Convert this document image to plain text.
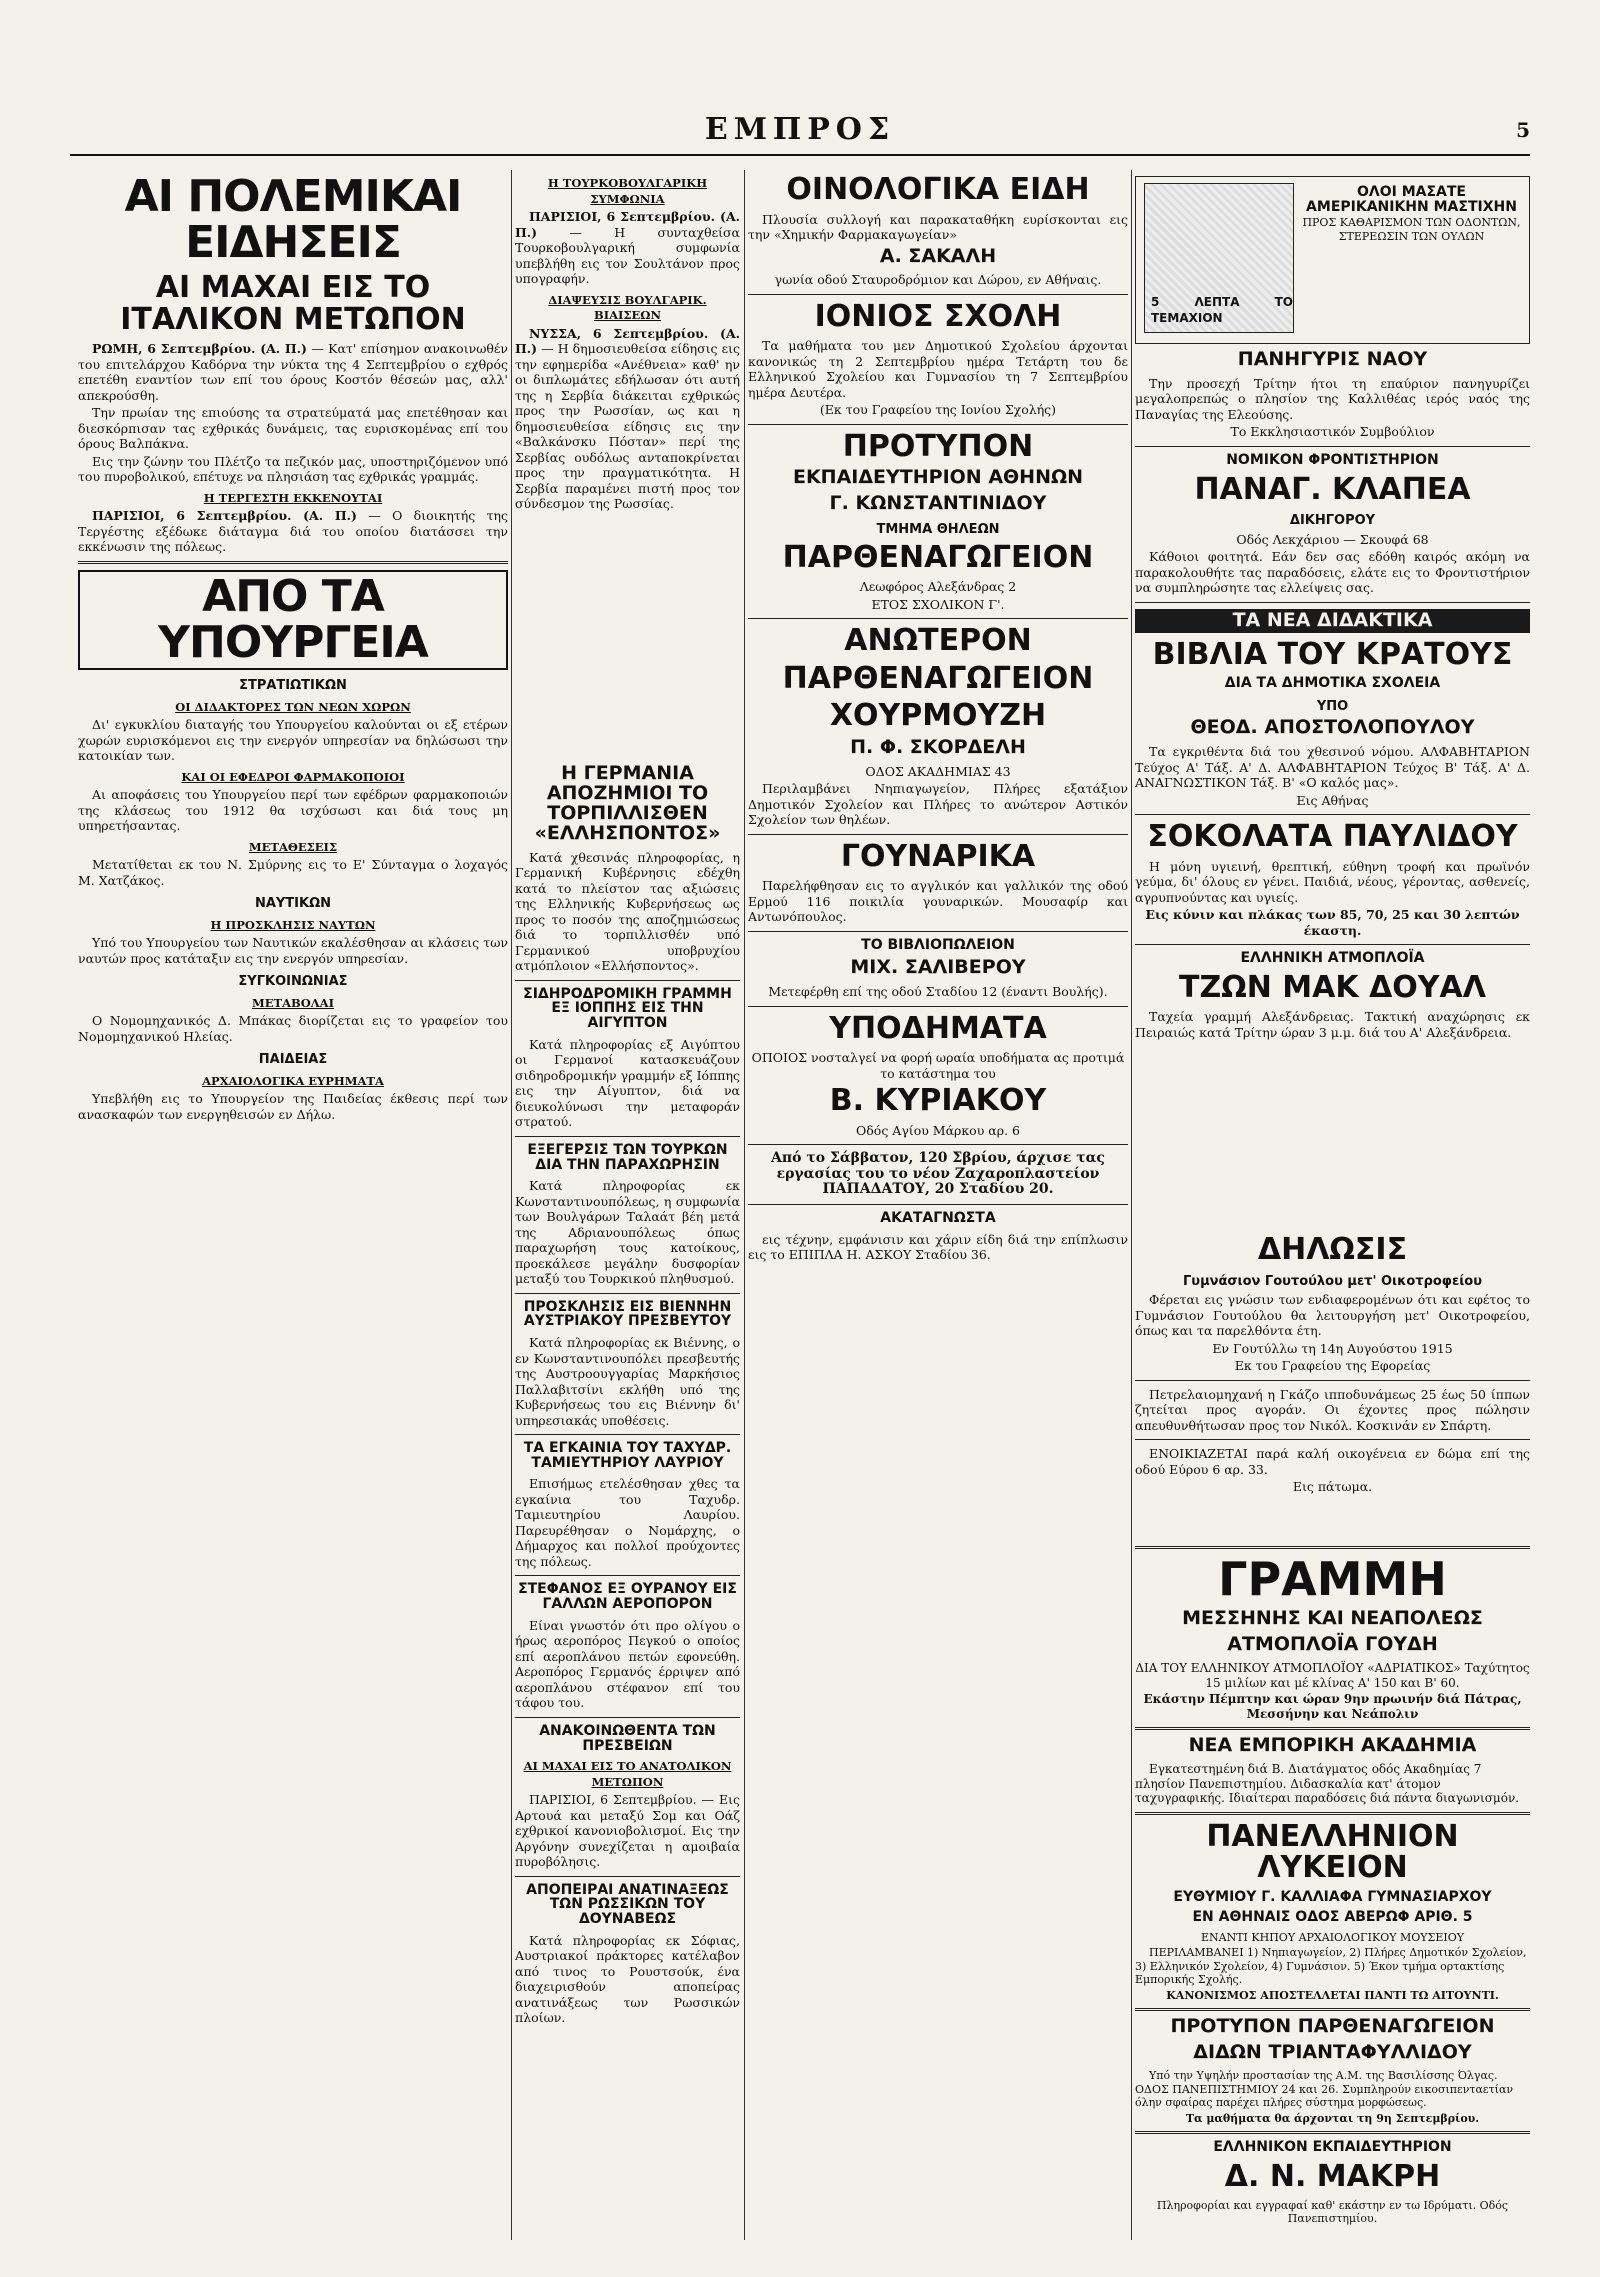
ΕΜΠΡΟΣ	5
ΑΙ ΠΟΛΕΜΙΚΑΙ ΕΙΔΗΣΕΙΣ
ΑΙ ΜΑΧΑΙ ΕΙΣ ΤΟ ΙΤΑΛΙΚΟΝ ΜΕΤΩΠΟΝ

ΡΩΜΗ, 6 Σεπτεμβρίου. (Α. Π.) — Κατ' επίσημον ανακοινωθέν του επιτελάρχου Καδόρνα την νύκτα της 4 Σεπτεμβρίου ο εχθρός επετέθη εναντίον των επί του όρους Κοστόν θέσεών μας, αλλ' απεκρούσθη.

Την πρωίαν της επιούσης τα στρατεύματά μας επετέθησαν και διεσκόρπισαν τας εχθρικάς δυνάμεις, τας ευρισκομένας επί του όρους Βαλπάκνα.

Εις την ζώνην του Πλέτζο τα πεζικόν μας, υποστηριζόμενον υπό του πυροβολικού, επέτυχε να πλησιάση τας εχθρικάς γραμμάς.

Η ΤΕΡΓΕΣΤΗ ΕΚΚΕΝΟΥΤΑΙ

ΠΑΡΙΣΙΟΙ, 6 Σεπτεμβρίου. (Α. Π.) — Ο διοικητής της Τεργέστης εξέδωκε διάταγμα διά του οποίου διατάσσει την εκκένωσιν της πόλεως.

ΑΠΟ ΤΑ ΥΠΟΥΡΓΕΙΑ
ΣΤΡΑΤΙΩΤΙΚΩΝ
ΟΙ ΔΙΔΑΚΤΟΡΕΣ ΤΩΝ ΝΕΩΝ ΧΩΡΩΝ

Δι' εγκυκλίου διαταγής του Υπουργείου καλούνται οι εξ ετέρων χωρών ευρισκόμενοι εις την ενεργόν υπηρεσίαν να δηλώσωσι την κατοικίαν των.

ΚΑΙ ΟΙ ΕΦΕΔΡΟΙ ΦΑΡΜΑΚΟΠΟΙΟΙ

Αι αποφάσεις του Υπουργείου περί των εφέδρων φαρμακοποιών της κλάσεως του 1912 θα ισχύσωσι και διά τους μη υπηρετήσαντας.

ΜΕΤΑΘΕΣΕΙΣ

Μετατίθεται εκ του Ν. Σμύρνης εις το Ε' Σύνταγμα ο λοχαγός Μ. Χατζάκος.

ΝΑΥΤΙΚΩΝ
Η ΠΡΟΣΚΛΗΣΙΣ ΝΑΥΤΩΝ

Υπό του Υπουργείου των Ναυτικών εκαλέσθησαν αι κλάσεις των ναυτών προς κατάταξιν εις την ενεργόν υπηρεσίαν.

ΣΥΓΚΟΙΝΩΝΙΑΣ
ΜΕΤΑΒΟΛΑΙ

Ο Νομομηχανικός Δ. Μπάκας διορίζεται εις το γραφείον του Νομομηχανικού Ηλείας.

ΠΑΙΔΕΙΑΣ
ΑΡΧΑΙΟΛΟΓΙΚΑ ΕΥΡΗΜΑΤΑ

Υπεβλήθη εις το Υπουργείον της Παιδείας έκθεσις περί των ανασκαφών των ενεργηθεισών εν Δήλω.

Η ΤΟΥΡΚΟΒΟΥΛΓΑΡΙΚΗ ΣΥΜΦΩΝΙΑ

ΠΑΡΙΣΙΟΙ, 6 Σεπτεμβρίου. (Α. Π.)	— Η συνταχθείσα Τουρκοβουλγαρική συμφωνία υπεβλήθη εις τον Σουλτάνον προς υπογραφήν.

ΔΙΑΨΕΥΣΙΣ ΒΟΥΛΓΑΡΙΚ. ΒΙΑΙΣΕΩΝ

ΝΥΣΣΑ, 6 Σεπτεμβρίου. (Α. Π.) — Η δημοσιευθείσα είδησις εις την εφημερίδα «Ανέθνεια» καθ' ην οι διπλωμάτες εδήλωσαν ότι αυτή της η Σερβία διάκειται εχθρικώς προς την Ρωσσίαν, ως και η δημοσιευθείσα είδησις εις την «Βαλκάνσκυ Πόσταν» περί της Σερβίας ουδόλως ανταποκρίνεται προς την πραγματικότητα. Η Σερβία παραμένει πιστή προς τον σύνδεσμον της Ρωσσίας.

Η ΓΕΡΜΑΝΙΑ ΑΠΟΖΗΜΙΟΙ ΤΟ ΤΟΡΠΙΛΛΙΣΘΕΝ «ΕΛΛΗΣΠΟΝΤΟΣ»

Κατά χθεσινάς πληροφορίας, η Γερμανική Κυβέρνησις εδέχθη κατά το πλείστον τας αξιώσεις της Ελληνικής Κυβερνήσεως ως προς το ποσόν της αποζημιώσεως διά το τορπιλλισθέν υπό Γερμανικού υποβρυχίου ατμόπλοιον «Ελλήσποντος».

ΣΙΔΗΡΟΔΡΟΜΙΚΗ ΓΡΑΜΜΗ ΕΞ ΙΟΠΠΗΣ ΕΙΣ ΤΗΝ ΑΙΓΥΠΤΟΝ

Κατά πληροφορίας εξ Αιγύπτου οι Γερμανοί κατασκευάζουν σιδηροδρομικήν γραμμήν εξ Ιόππης εις την Αίγυπτον, διά να διευκολύνωσι την μεταφοράν στρατού.

ΕΞΕΓΕΡΣΙΣ ΤΩΝ ΤΟΥΡΚΩΝ ΔΙΑ ΤΗΝ ΠΑΡΑΧΩΡΗΣΙΝ

Κατά πληροφορίας εκ Κωνσταντινουπόλεως, η συμφωνία των Βουλγάρων Ταλαάτ βέη μετά της Αδριανουπόλεως όπως παραχωρήση τους κατοίκους, προεκάλεσε μεγάλην δυσφορίαν μεταξύ του Τουρκικού πληθυσμού.

ΠΡΟΣΚΛΗΣΙΣ ΕΙΣ ΒΙΕΝΝΗΝ ΑΥΣΤΡΙΑΚΟΥ ΠΡΕΣΒΕΥΤΟΥ

Κατά πληροφορίας εκ Βιέννης, ο εν Κωνσταντινουπόλει πρεσβευτής της Αυστροουγγαρίας Μαρκήσιος Παλλαβιτσίνι εκλήθη υπό της Κυβερνήσεως του εις Βιέννην δι' υπηρεσιακάς υποθέσεις.

ΤΑ ΕΓΚΑΙΝΙΑ ΤΟΥ ΤΑΧΥΔΡ. ΤΑΜΙΕΥΤΗΡΙΟΥ ΛΑΥΡΙΟΥ

Επισήμως ετελέσθησαν χθες τα εγκαίνια του Ταχυδρ. Ταμιευτηρίου Λαυρίου. Παρευρέθησαν ο Νομάρχης, ο Δήμαρχος και πολλοί προύχοντες της πόλεως.

ΣΤΕΦΑΝΟΣ ΕΞ ΟΥΡΑΝΟΥ ΕΙΣ ΓΑΛΛΩΝ ΑΕΡΟΠΟΡΟΝ

Είναι γνωστόν ότι προ ολίγου ο ήρως αεροπόρος Πεγκού ο οποίος επί αεροπλάνου πετών εφονεύθη. Αεροπόρος Γερμανός έρριψεν από αεροπλάνου στέφανον επί του τάφου του.

ΑΝΑΚΟΙΝΩΘΕΝΤΑ ΤΩΝ ΠΡΕΣΒΕΙΩΝ
ΑΙ ΜΑΧΑΙ ΕΙΣ ΤΟ ΑΝΑΤΟΛΙΚΟΝ ΜΕΤΩΠΟΝ

ΠΑΡΙΣΙΟΙ, 6 Σεπτεμβρίου. — Εις Αρτουά και μεταξύ Σομ και Οάζ εχθρικοί κανονιοβολισμοί. Εις την Αργόνην συνεχίζεται η αμοιβαία πυροβόλησις.

ΑΠΟΠΕΙΡΑΙ ΑΝΑΤΙΝΑΞΕΩΣ ΤΩΝ ΡΩΣΣΙΚΩΝ ΤΟΥ ΔΟΥΝΑΒΕΩΣ

Κατά πληροφορίας εκ Σόφιας, Αυστριακοί πράκτορες κατέλαβον από τινος το Ρουστσούκ, ένα διαχειρισθούν αποπείρας ανατινάξεως των Ρωσσικών πλοίων.

ΟΙΝΟΛΟΓΙΚΑ ΕΙΔΗ

Πλουσία συλλογή και παρακαταθήκη ευρίσκονται εις την «Χημικήν Φαρμακαγωγείαν»

Α. ΣΑΚΑΛΗ

γωνία οδού Σταυροδρόμιον και Δώρου, εν Αθήναις.

ΙΟΝΙΟΣ ΣΧΟΛΗ

Τα μαθήματα του μεν Δημοτικού Σχολείου άρχονται κανονικώς τη 2 Σεπτεμβρίου ημέρα Τετάρτη του δε Ελληνικού Σχολείου και Γυμνασίου τη 7 Σεπτεμβρίου ημέρα Δευτέρα.

(Εκ του Γραφείου της Ιονίου Σχολής)

ΠΡΟΤΥΠΟΝ
ΕΚΠΑΙΔΕΥΤΗΡΙΟΝ ΑΘΗΝΩΝ
Γ. ΚΩΝΣΤΑΝΤΙΝΙΔΟΥ
ΤΜΗΜΑ ΘΗΛΕΩΝ
ΠΑΡΘΕΝΑΓΩΓΕΙΟΝ

Λεωφόρος Αλεξάνδρας 2

ΕΤΟΣ ΣΧΟΛΙΚΟΝ Γ'.

ΑΝΩΤΕΡΟΝ
ΠΑΡΘΕΝΑΓΩΓΕΙΟΝ
ΧΟΥΡΜΟΥΖΗ
Π. Φ. ΣΚΟΡΔΕΛΗ

ΟΔΟΣ ΑΚΑΔΗΜΙΑΣ 43

Περιλαμβάνει Νηπιαγωγείον, Πλήρες εξατάξιον Δημοτικόν Σχολείον και Πλήρες το ανώτερον Αστικόν Σχολείον των θηλέων.

ΓΟΥΝΑΡΙΚΑ

Παρελήφθησαν εις το αγγλικόν και γαλλικόν της οδού Ερμού 116 ποικιλία γουναρικών. Μουσαφίρ και Αντωνόπουλος.

ΤΟ ΒΙΒΛΙΟΠΩΛΕΙΟΝ
ΜΙΧ. ΣΑΛΙΒΕΡΟΥ

Μετεφέρθη επί της οδού Σταδίου 12 (έναντι Βουλής).

ΥΠΟΔΗΜΑΤΑ

ΟΠΟΙΟΣ νοσταλγεί να φορή ωραία υποδήματα ας προτιμά το κατάστημα του

Β. ΚΥΡΙΑΚΟΥ

Οδός Αγίου Μάρκου αρ. 6

Από το Σάββατον, 120 Σβρίου, άρχισε τας εργασίας του το νέον Ζαχαροπλαστείον ΠΑΠΑΔΑΤΟΥ, 20 Σταδίου 20.

ΑΚΑΤΑΓΝΩΣΤΑ

εις τέχνην, εμφάνισιν και χάριν είδη διά την επίπλωσιν εις το ΕΠΙΠΛΑ Η. ΑΣΚΟΥ Σταδίου 36.

5 ΛΕΠΤΑ ΤΟ ΤΕΜΑΧΙΟΝ
ΟΛΟΙ ΜΑΣΑΤΕ ΑΜΕΡΙΚΑΝΙΚΗΝ ΜΑΣΤΙΧΗΝ

ΠΡΟΣ ΚΑΘΑΡΙΣΜΟΝ ΤΩΝ ΟΔΟΝΤΩΝ, ΣΤΕΡΕΩΣΙΝ ΤΩΝ ΟΥΛΩΝ

ΠΑΝΗΓΥΡΙΣ ΝΑΟΥ

Την προσεχή Τρίτην ήτοι τη επαύριον πανηγυρίζει μεγαλοπρεπώς ο πλησίον της Καλλιθέας ιερός ναός της Παναγίας της Ελεούσης.

Το Εκκλησιαστικόν Συμβούλιον

ΝΟΜΙΚΟΝ ΦΡΟΝΤΙΣΤΗΡΙΟΝ
ΠΑΝΑΓ. ΚΛΑΠΕΑ
ΔΙΚΗΓΟΡΟΥ

Οδός Λεκχάριου — Σκουφά 68

Κάθοιοι φοιτητά. Εάν δεν σας εδόθη καιρός ακόμη να παρακολουθήτε τας παραδόσεις, ελάτε εις το Φροντιστήριον να συμπληρώσητε τας ελλείψεις σας.

ΤΑ ΝΕΑ ΔΙΔΑΚΤΙΚΑ
ΒΙΒΛΙΑ ΤΟΥ ΚΡΑΤΟΥΣ
ΔΙΑ ΤΑ ΔΗΜΟΤΙΚΑ ΣΧΟΛΕΙΑ
ΥΠΟ
ΘΕΟΔ. ΑΠΟΣΤΟΛΟΠΟΥΛΟΥ

Τα εγκριθέντα διά του χθεσινού νόμου. ΑΛΦΑΒΗΤΑΡΙΟΝ Τεύχος Α' Τάξ. Α' Δ. ΑΛΦΑΒΗΤΑΡΙΟΝ Τεύχος Β' Τάξ. Α' Δ. ΑΝΑΓΝΩΣΤΙΚΟΝ Τάξ. Β' «Ο καλός μας».

Εις Αθήνας

ΣΟΚΟΛΑΤΑ ΠΑΥΛΙΔΟΥ

Η μόνη υγιεινή, θρεπτική, εύθηνη τροφή και πρωϊνόν γεύμα, δι' όλους εν γένει. Παιδιά, νέους, γέροντας, ασθενείς, αγρυπνούντας και υγιείς.

Εις κύνιν και πλάκας των 85, 70, 25 και 30 λεπτών έκαστη.

ΕΛΛΗΝΙΚΗ ΑΤΜΟΠΛΟΪΑ
ΤΖΩΝ ΜΑΚ ΔΟΥΑΛ

Ταχεία γραμμή Αλεξάνδρειας. Τακτική αναχώρησις εκ Πειραιώς κατά Τρίτην ώραν 3 μ.μ. διά του Α' Αλεξάνδρεια.

ΔΗΛΩΣΙΣ
Γυμνάσιον Γουτούλου μετ' Οικοτροφείου

Φέρεται εις γνώσιν των ενδιαφερομένων ότι και εφέτος το Γυμνάσιον Γουτούλου θα λειτουργήση μετ' Οικοτροφείου, όπως και τα παρελθόντα έτη.

Εν Γουτύλλω τη 14η Αυγούστου 1915

Εκ του Γραφείου της Εφορείας

Πετρελαιομηχανή η Γκάζο ιπποδυνάμεως 25 έως 50 ίππων ζητείται προς αγοράν. Οι έχοντες προς πώλησιν απευθυνθήτωσαν προς τον Νικόλ. Κοσκινάν εν Σπάρτη.

ΕΝΟΙΚΙΑΖΕΤΑΙ παρά καλή οικογένεια εν δώμα επί της οδού Εύρου 6 αρ. 33.

Εις πάτωμα.

ΓΡΑΜΜΗ
ΜΕΣΣΗΝΗΣ ΚΑΙ ΝΕΑΠΟΛΕΩΣ
ΑΤΜΟΠΛΟΪΑ ΓΟΥΔΗ

ΔΙΑ ΤΟΥ ΕΛΛΗΝΙΚΟΥ ΑΤΜΟΠΛΟΪΟΥ «ΑΔΡΙΑΤΙΚΟΣ» Ταχύτητος 15 μιλίων και μέ κλίνας Α' 150 και Β' 60.

Εκάστην Πέμπτην και ώραν 9ην πρωινήν διά Πάτρας, Μεσσήνην και Νεάπολιν

ΝΕΑ ΕΜΠΟΡΙΚΗ ΑΚΑΔΗΜΙΑ

Εγκατεστημένη διά Β. Διατάγματος οδός Ακαδημίας 7 πλησίον Πανεπιστημίου. Διδασκαλία κατ' άτομον ταχυγραφικής. Ιδιαίτεραι παραδόσεις διά πάντα διαγωνισμόν.

ΠΑΝΕΛΛΗΝΙΟΝ ΛΥΚΕΙΟΝ
ΕΥΘΥΜΙΟΥ Γ. ΚΑΛΛΙΑΦΑ ΓΥΜΝΑΣΙΑΡΧΟΥ
ΕΝ ΑΘΗΝΑΙΣ ΟΔΟΣ ΑΒΕΡΩΦ ΑΡΙΘ. 5

ΕΝΑΝΤΙ ΚΗΠΟΥ ΑΡΧΑΙΟΛΟΓΙΚΟΥ ΜΟΥΣΕΙΟΥ

ΠΕΡΙΛΑΜΒΑΝΕΙ 1) Νηπιαγωγείον, 2) Πλήρες Δημοτικόν Σχολείον, 3) Ελληνικόν Σχολείον, 4) Γυμνάσιον. 5) Έκον τμήμα ορτακτίσης Εμπορικής Σχολής.

ΚΑΝΟΝΙΣΜΟΣ ΑΠΟΣΤΕΛΛΕΤΑΙ ΠΑΝΤΙ ΤΩ ΑΙΤΟΥΝΤΙ.

ΠΡΟΤΥΠΟΝ ΠΑΡΘΕΝΑΓΩΓΕΙΟΝ
ΔΙΔΩΝ ΤΡΙΑΝΤΑΦΥΛΛΙΔΟΥ

Υπό την Υψηλήν προστασίαν της Α.Μ. της Βασιλίσσης Όλγας. ΟΔΟΣ ΠΑΝΕΠΙΣΤΗΜΙΟΥ 24 και 26. Συμπληρούν εικοσιπενταετίαν όλην σφαίρας παρέχει πλήρες σύστημα μορφώσεως.

Τα μαθήματα θα άρχονται τη 9η Σεπτεμβρίου.

ΕΛΛΗΝΙΚΟΝ ΕΚΠΑΙΔΕΥΤΗΡΙΟΝ
Δ. Ν. ΜΑΚΡΗ

Πληροφορίαι και εγγραφαί καθ' εκάστην εν τω Ιδρύματι. Οδός Πανεπιστημίου.
